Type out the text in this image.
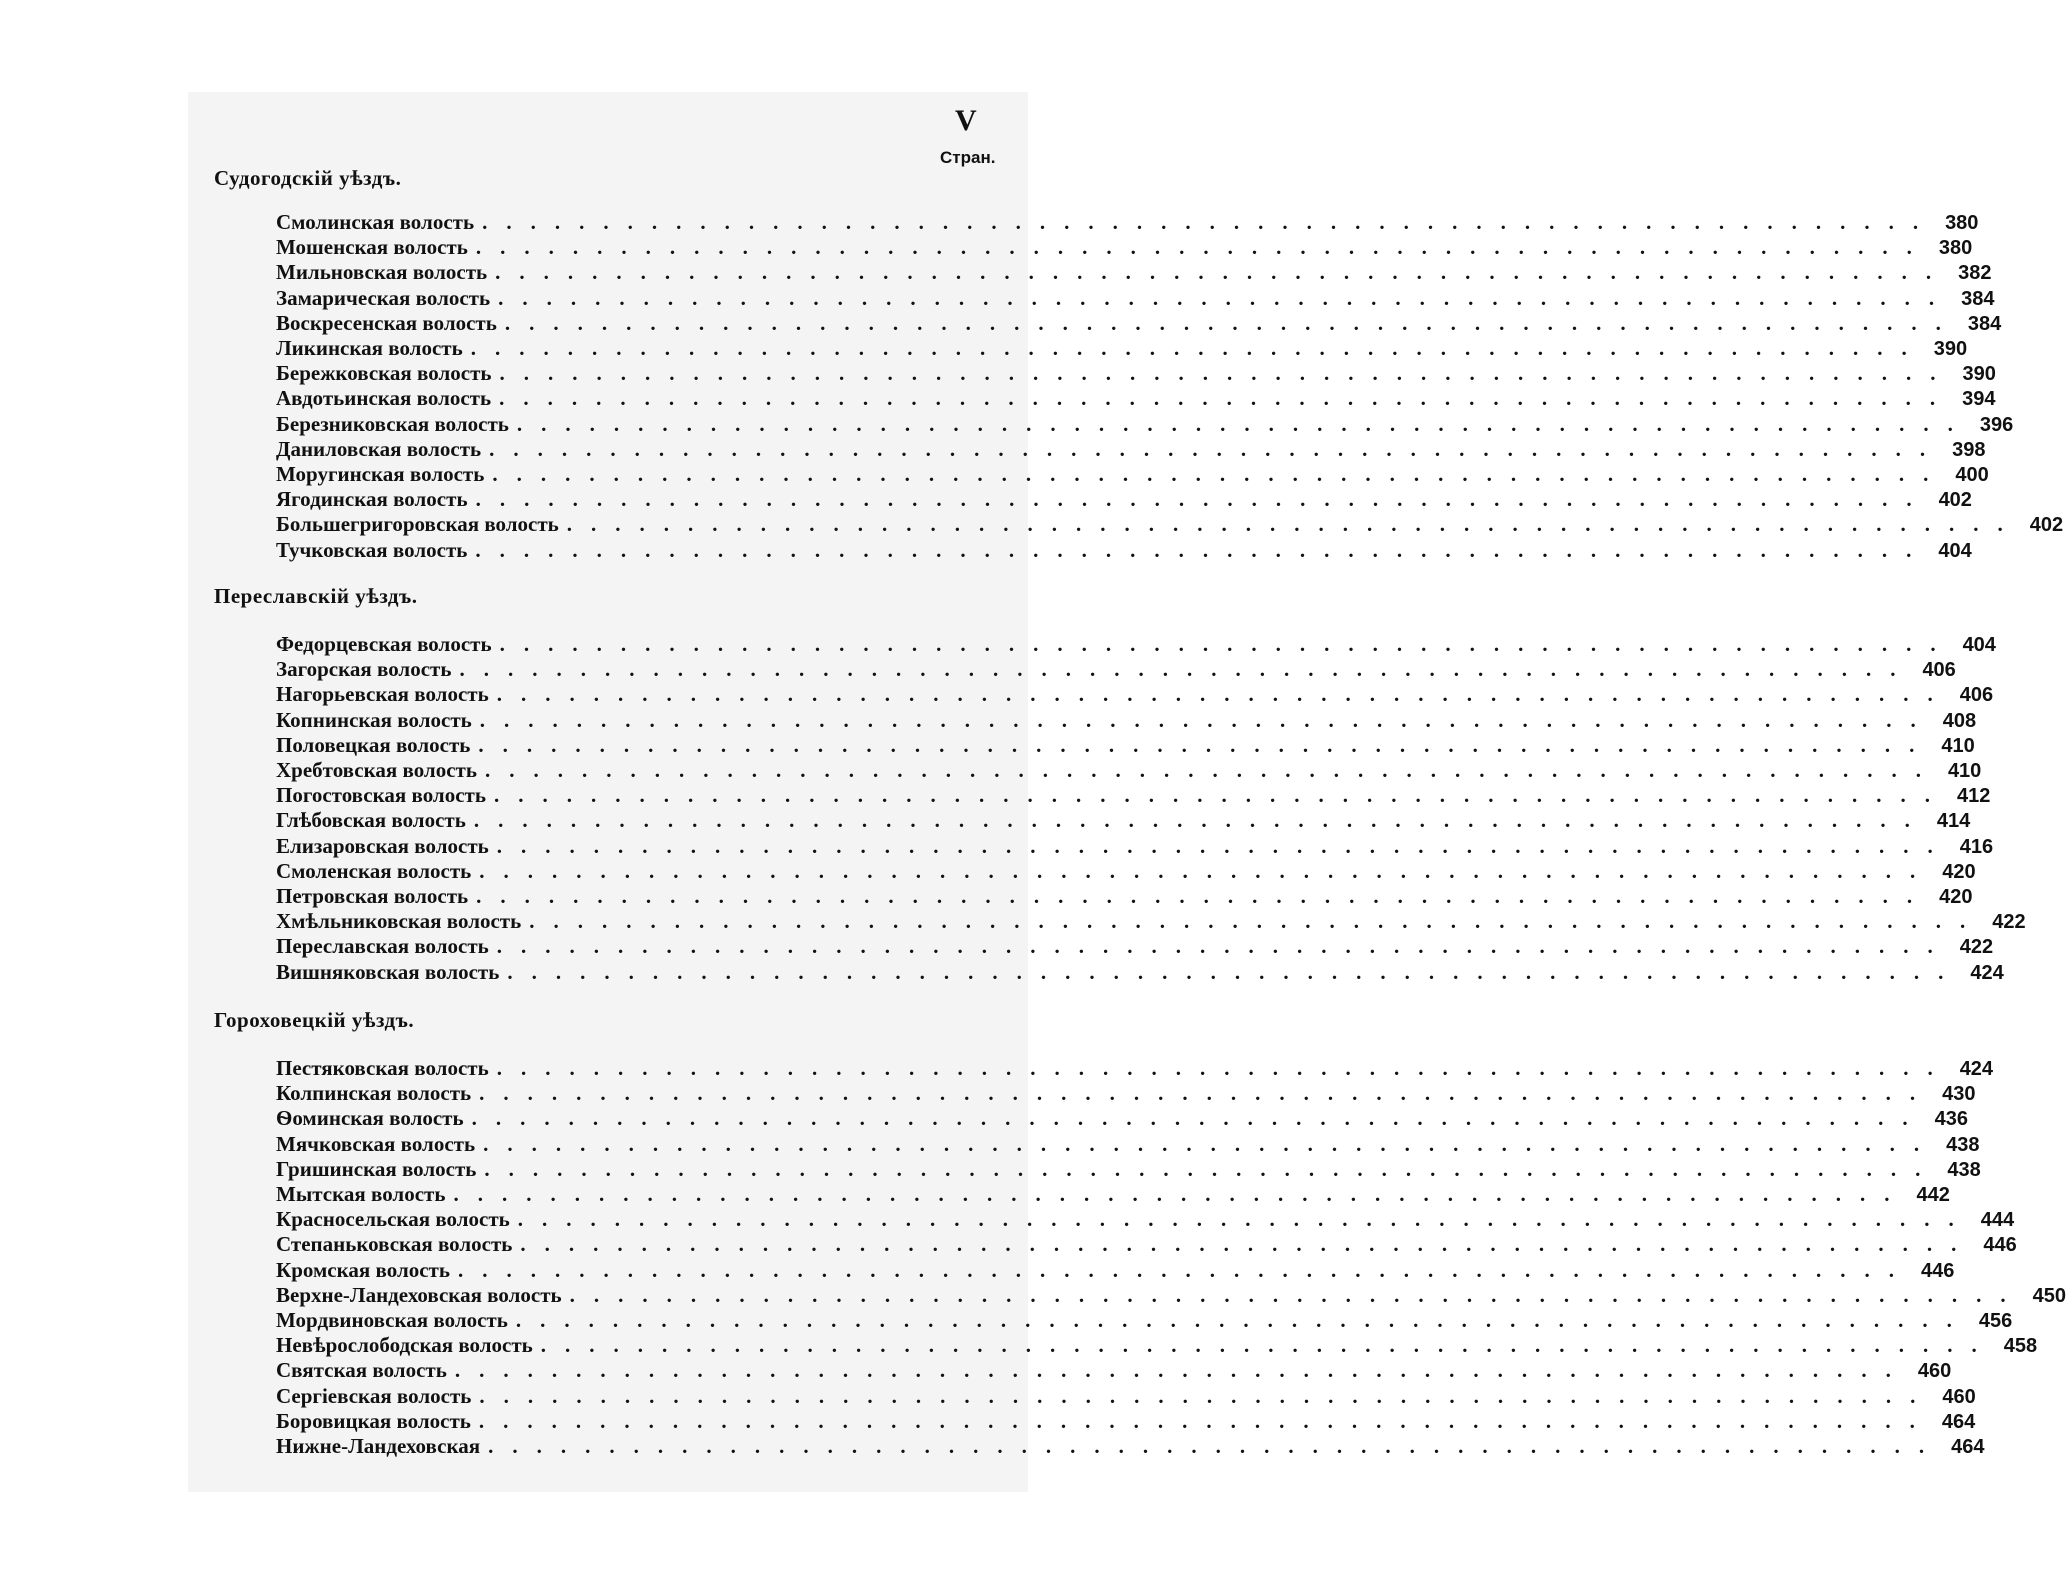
V
Стран.
Судогодскій уѣздъ.
Смолинская волость ............................................................ 380
Мошенская волость ............................................................ 380
Мильновская волость ............................................................ 382
Замарическая волость ............................................................ 384
Воскресенская волость ............................................................ 384
Ликинская волость ............................................................ 390
Бережковская волость ............................................................ 390
Авдотьинская волость ............................................................ 394
Березниковская волость ............................................................ 396
Даниловская волость ............................................................ 398
Моругинская волость ............................................................ 400
Ягодинская волость ............................................................ 402
Большегригоровская волость ............................................................ 402
Тучковская волость ............................................................ 404
Переславскій уѣздъ.
Федорцевская волость ............................................................ 404
Загорская волость ............................................................ 406
Нагорьевская волость ............................................................ 406
Копнинская волость ............................................................ 408
Половецкая волость ............................................................ 410
Хребтовская волость ............................................................ 410
Погостовская волость ............................................................ 412
Глѣбовская волость ............................................................ 414
Елизаровская волость ............................................................ 416
Смоленская волость ............................................................ 420
Петровская волость ............................................................ 420
Хмѣльниковская волость ............................................................ 422
Переславская волость ............................................................ 422
Вишняковская волость ............................................................ 424
Гороховецкій уѣздъ.
Пестяковская волость ............................................................ 424
Колпинская волость ............................................................ 430
Ѳоминская волость ............................................................ 436
Мячковская волость ............................................................ 438
Гришинская волость ............................................................ 438
Мытская волость ............................................................ 442
Красносельская волость ............................................................ 444
Степаньковская волость ............................................................ 446
Кромская волость ............................................................ 446
Верхне-Ландеховская волость ............................................................ 450
Мордвиновская волость ............................................................ 456
Невѣрослободская волость ............................................................ 458
Святская волость ............................................................ 460
Сергіевская волость ............................................................ 460
Боровицкая волость ............................................................ 464
Нижне-Ландеховская ............................................................ 464
